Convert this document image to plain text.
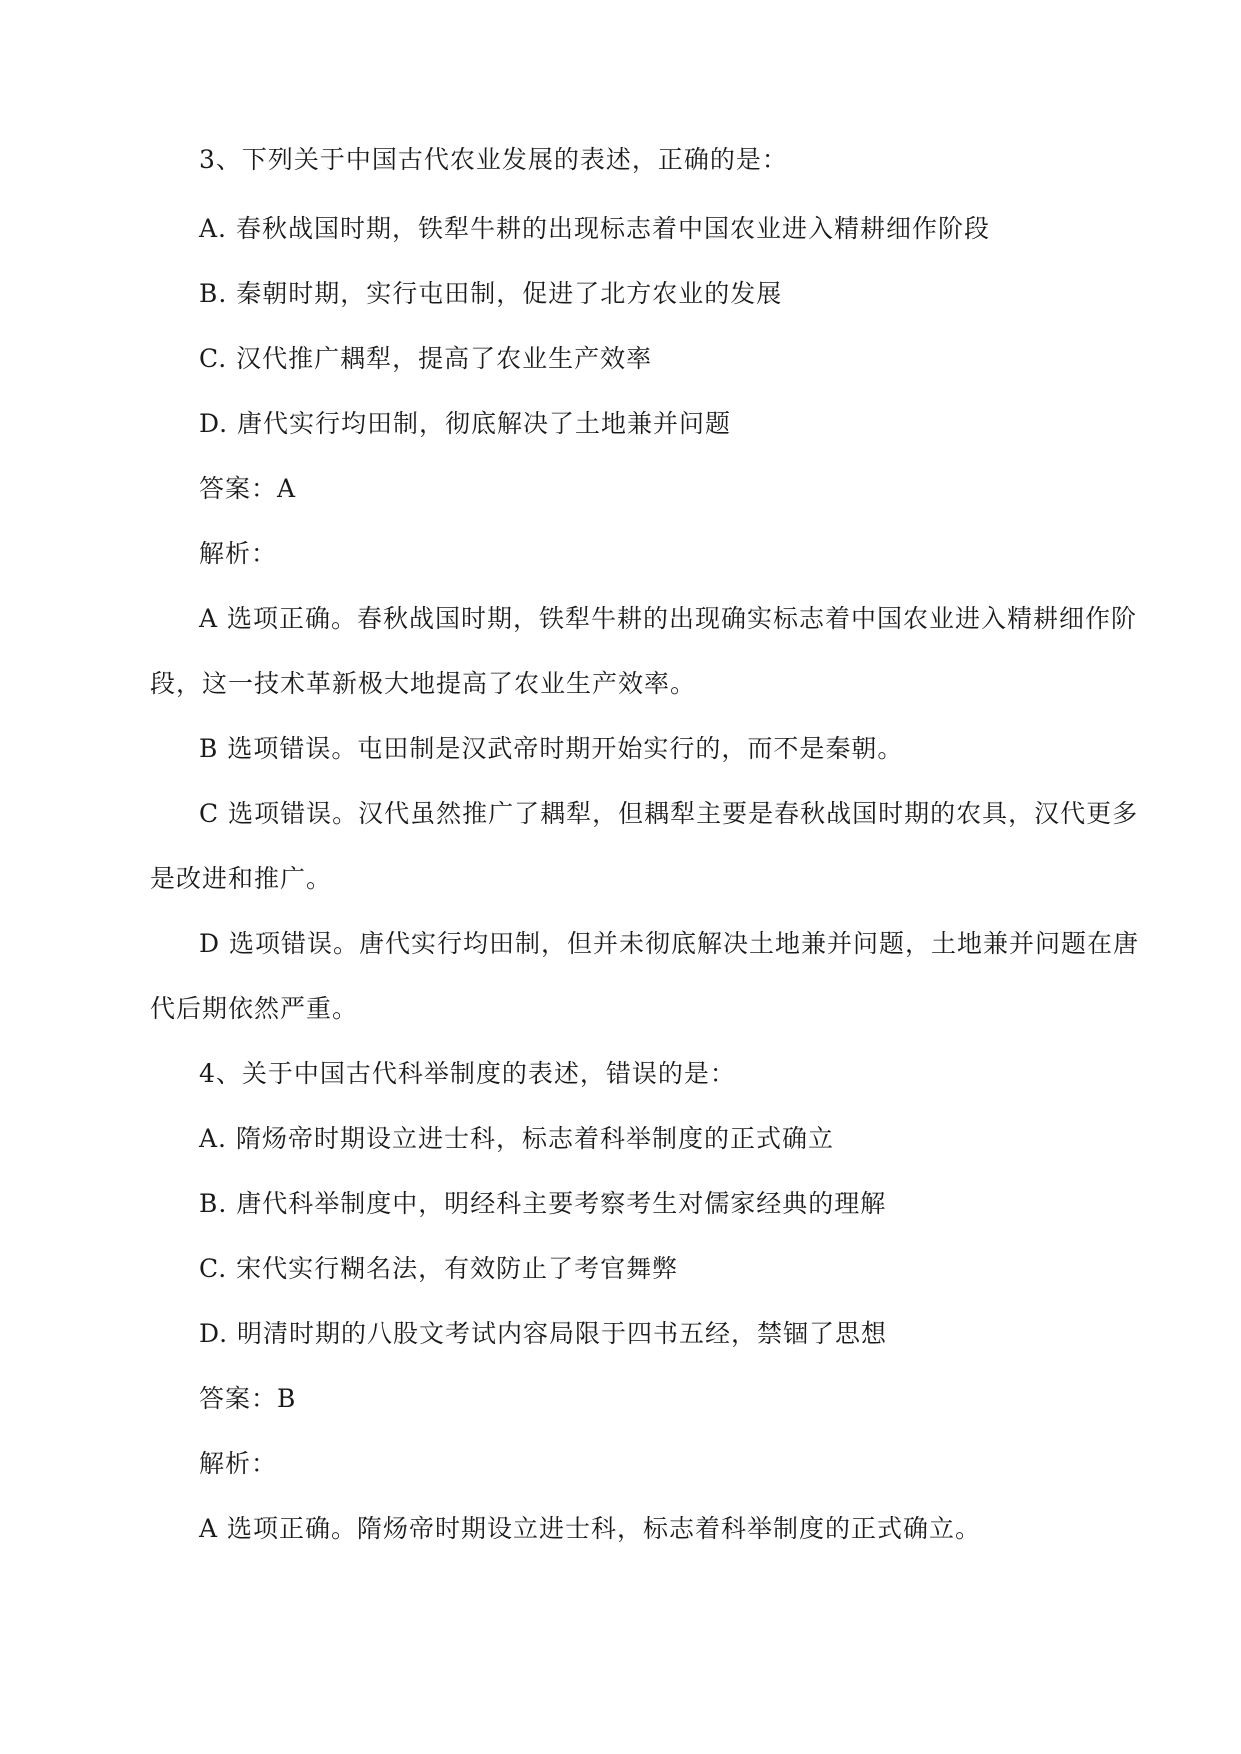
3、下列关于中国古代农业发展的表述，正确的是：

A. 春秋战国时期，铁犁牛耕的出现标志着中国农业进入精耕细作阶段

B. 秦朝时期，实行屯田制，促进了北方农业的发展

C. 汉代推广耦犁，提高了农业生产效率

D. 唐代实行均田制，彻底解决了土地兼并问题

答案：A

解析：

A 选项正确。春秋战国时期，铁犁牛耕的出现确实标志着中国农业进入精耕细作阶

段，这一技术革新极大地提高了农业生产效率。

B 选项错误。屯田制是汉武帝时期开始实行的，而不是秦朝。

C 选项错误。汉代虽然推广了耦犁，但耦犁主要是春秋战国时期的农具，汉代更多

是改进和推广。

D 选项错误。唐代实行均田制，但并未彻底解决土地兼并问题，土地兼并问题在唐

代后期依然严重。

4、关于中国古代科举制度的表述，错误的是：

A. 隋炀帝时期设立进士科，标志着科举制度的正式确立

B. 唐代科举制度中，明经科主要考察考生对儒家经典的理解

C. 宋代实行糊名法，有效防止了考官舞弊

D. 明清时期的八股文考试内容局限于四书五经，禁锢了思想

答案：B

解析：

A 选项正确。隋炀帝时期设立进士科，标志着科举制度的正式确立。
